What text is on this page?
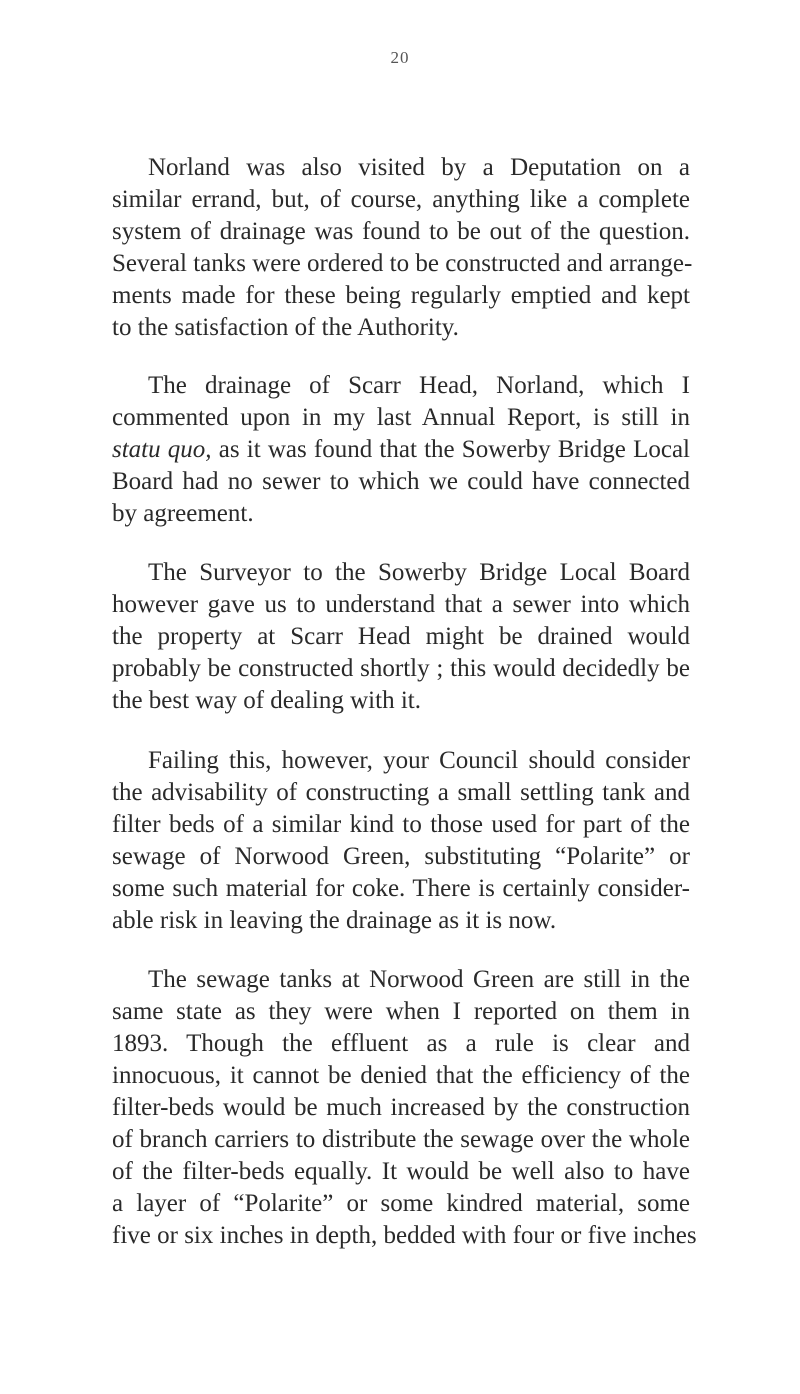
20
Norland was also visited by a Deputation on a
similar errand, but, of course, anything like a complete
system of drainage was found to be out of the question.
Several tanks were ordered to be constructed and arrange-
ments made for these being regularly emptied and kept
to the satisfaction of the Authority.
The drainage of Scarr Head, Norland, which I
commented upon in my last Annual Report, is still in
statu quo, as it was found that the Sowerby Bridge Local
Board had no sewer to which we could have connected
by agreement.
The Surveyor to the Sowerby Bridge Local Board
however gave us to understand that a sewer into which
the property at Scarr Head might be drained would
probably be constructed shortly ; this would decidedly be
the best way of dealing with it.
Failing this, however, your Council should consider
the advisability of constructing a small settling tank and
filter beds of a similar kind to those used for part of the
sewage of Norwood Green, substituting “Polarite” or
some such material for coke. There is certainly consider-
able risk in leaving the drainage as it is now.
The sewage tanks at Norwood Green are still in the
same state as they were when I reported on them in
1893. Though the effluent as a rule is clear and
innocuous, it cannot be denied that the efficiency of the
filter-beds would be much increased by the construction
of branch carriers to distribute the sewage over the whole
of the filter-beds equally. It would be well also to have
a layer of “Polarite” or some kindred material, some
five or six inches in depth, bedded with four or five inches
